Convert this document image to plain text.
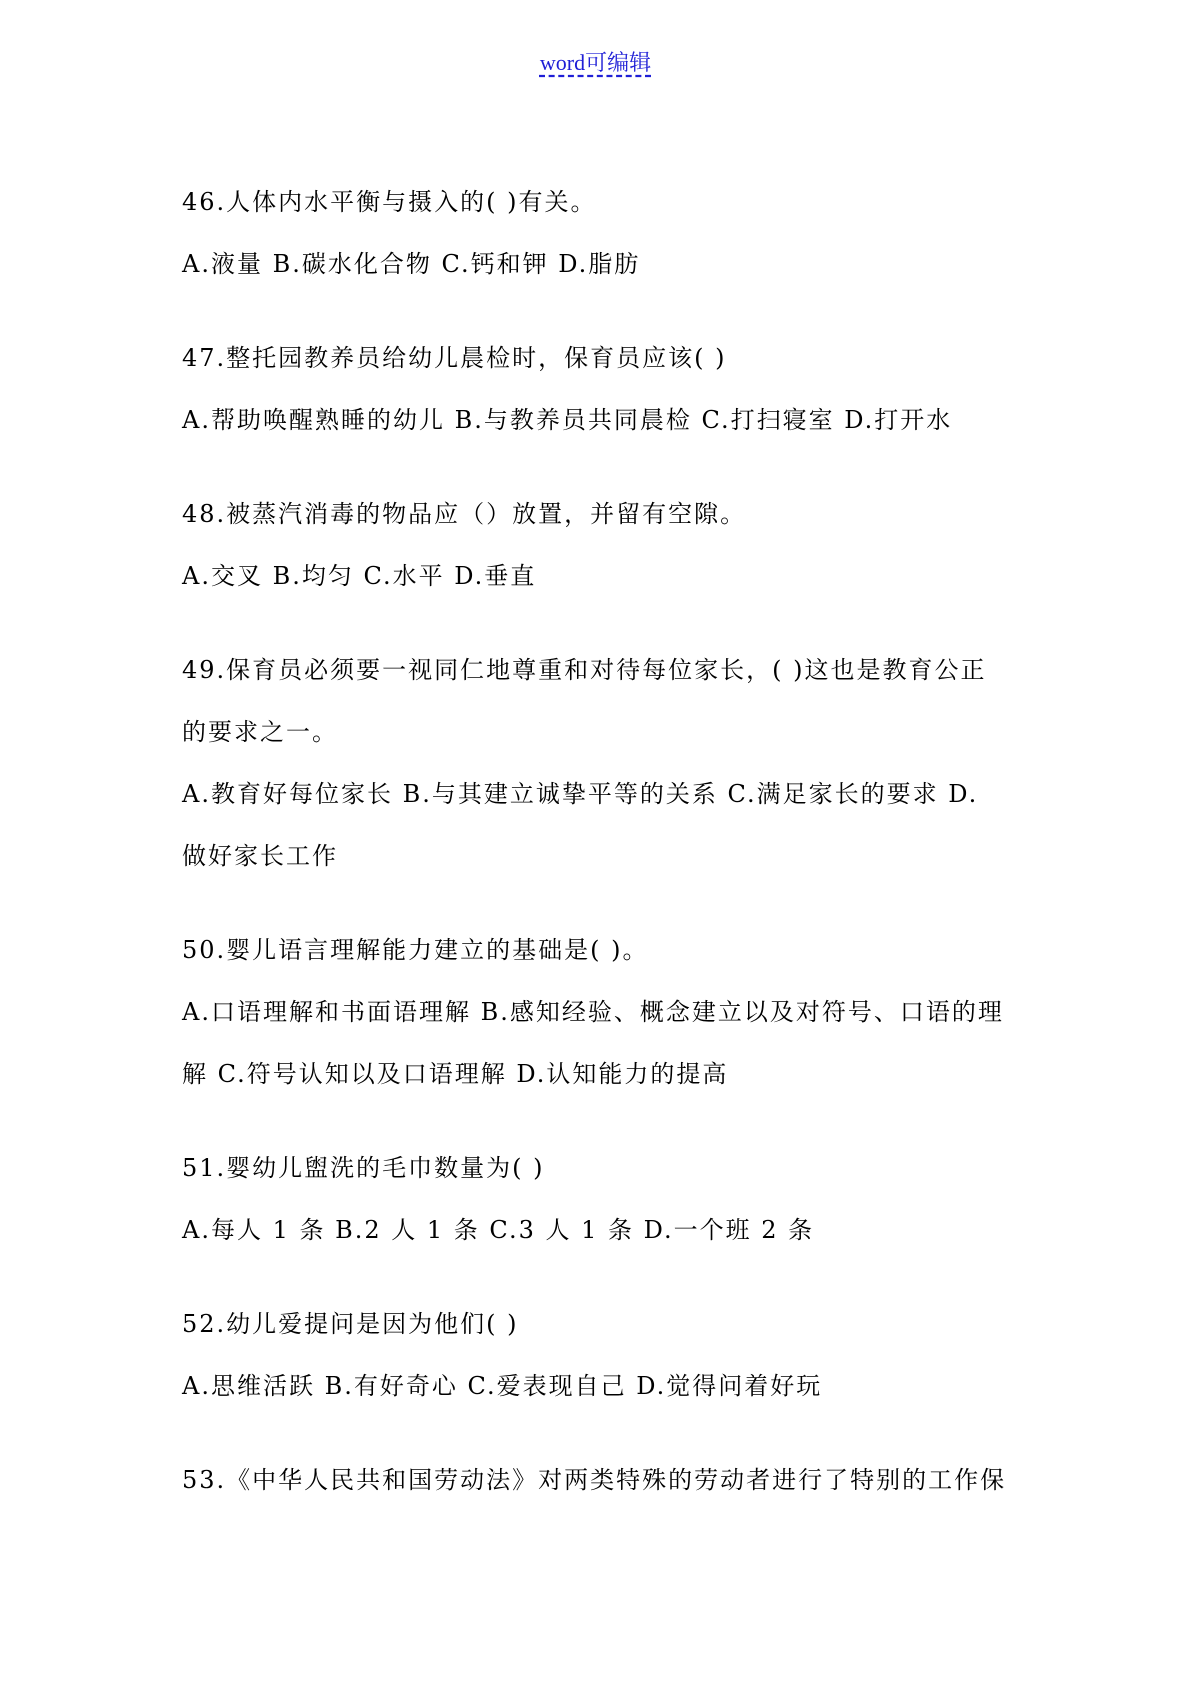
word可编辑
46.人体内水平衡与摄入的( )有关。
A.液量 B.碳水化合物 C.钙和钾 D.脂肪
47.整托园教养员给幼儿晨检时，保育员应该( )
A.帮助唤醒熟睡的幼儿 B.与教养员共同晨检 C.打扫寝室 D.打开水
48.被蒸汽消毒的物品应（）放置，并留有空隙。
A.交叉 B.均匀 C.水平 D.垂直
49.保育员必须要一视同仁地尊重和对待每位家长，( )这也是教育公正
的要求之一。
A.教育好每位家长 B.与其建立诚挚平等的关系 C.满足家长的要求 D.
做好家长工作
50.婴儿语言理解能力建立的基础是( )。
A.口语理解和书面语理解 B.感知经验、概念建立以及对符号、口语的理
解 C.符号认知以及口语理解 D.认知能力的提高
51.婴幼儿盥洗的毛巾数量为( )
A.每人 1 条 B.2 人 1 条 C.3 人 1 条 D.一个班 2 条
52.幼儿爱提问是因为他们( )
A.思维活跃 B.有好奇心 C.爱表现自己 D.觉得问着好玩
53.《中华人民共和国劳动法》对两类特殊的劳动者进行了特别的工作保
